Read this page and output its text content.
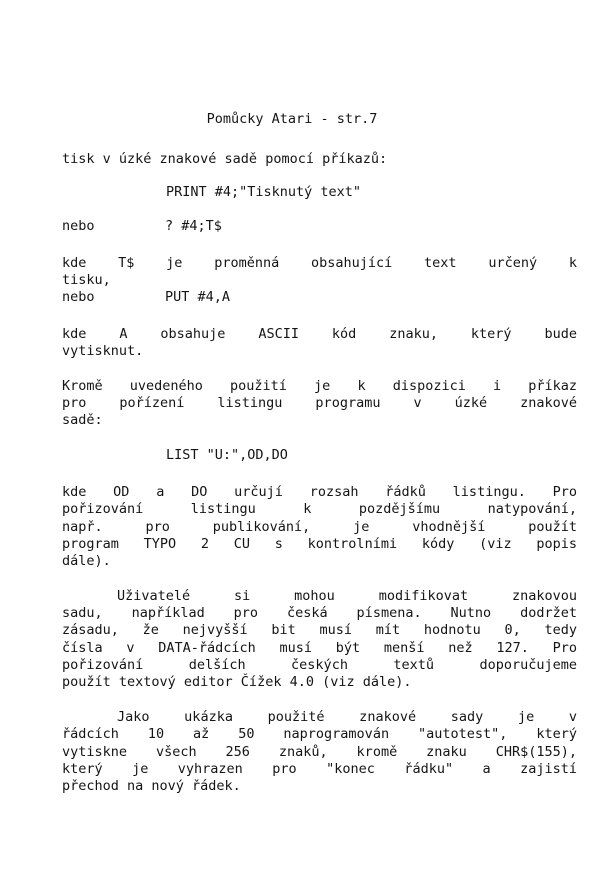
Pomůcky Atari - str.7
tisk v úzké znakové sadě pomocí příkazů:
PRINT #4;"Tisknutý text"
nebo	? #4;T$
kde T$ je proměnná obsahující text určený k
tisku,
nebo	PUT #4,A
kde A obsahuje ASCII kód znaku, který bude
vytisknut.
Kromě uvedeného použití je k dispozici i příkaz
pro pořízení listingu programu v úzké znakové
sadě:
LIST "U:",OD,DO
kde OD a DO určují rozsah řádků listingu. Pro
pořizování listingu k pozdějšímu natypování,
např. pro publikování, je vhodnější použít
program TYPO 2 CU s kontrolními kódy (viz popis
dále).
Uživatelé si mohou modifikovat znakovou
sadu, například pro česká písmena. Nutno dodržet
zásadu, že nejvyšší bit musí mít hodnotu 0, tedy
čísla v DATA-řádcích musí být menší než 127. Pro
pořizování delších českých textů doporučujeme
použít textový editor Čížek 4.0 (viz dále).
Jako ukázka použité znakové sady je v
řádcích 10 až 50 naprogramován "autotest", který
vytiskne všech 256 znaků, kromě znaku CHR$(155),
který je vyhrazen pro "konec řádku" a zajistí
přechod na nový řádek.
